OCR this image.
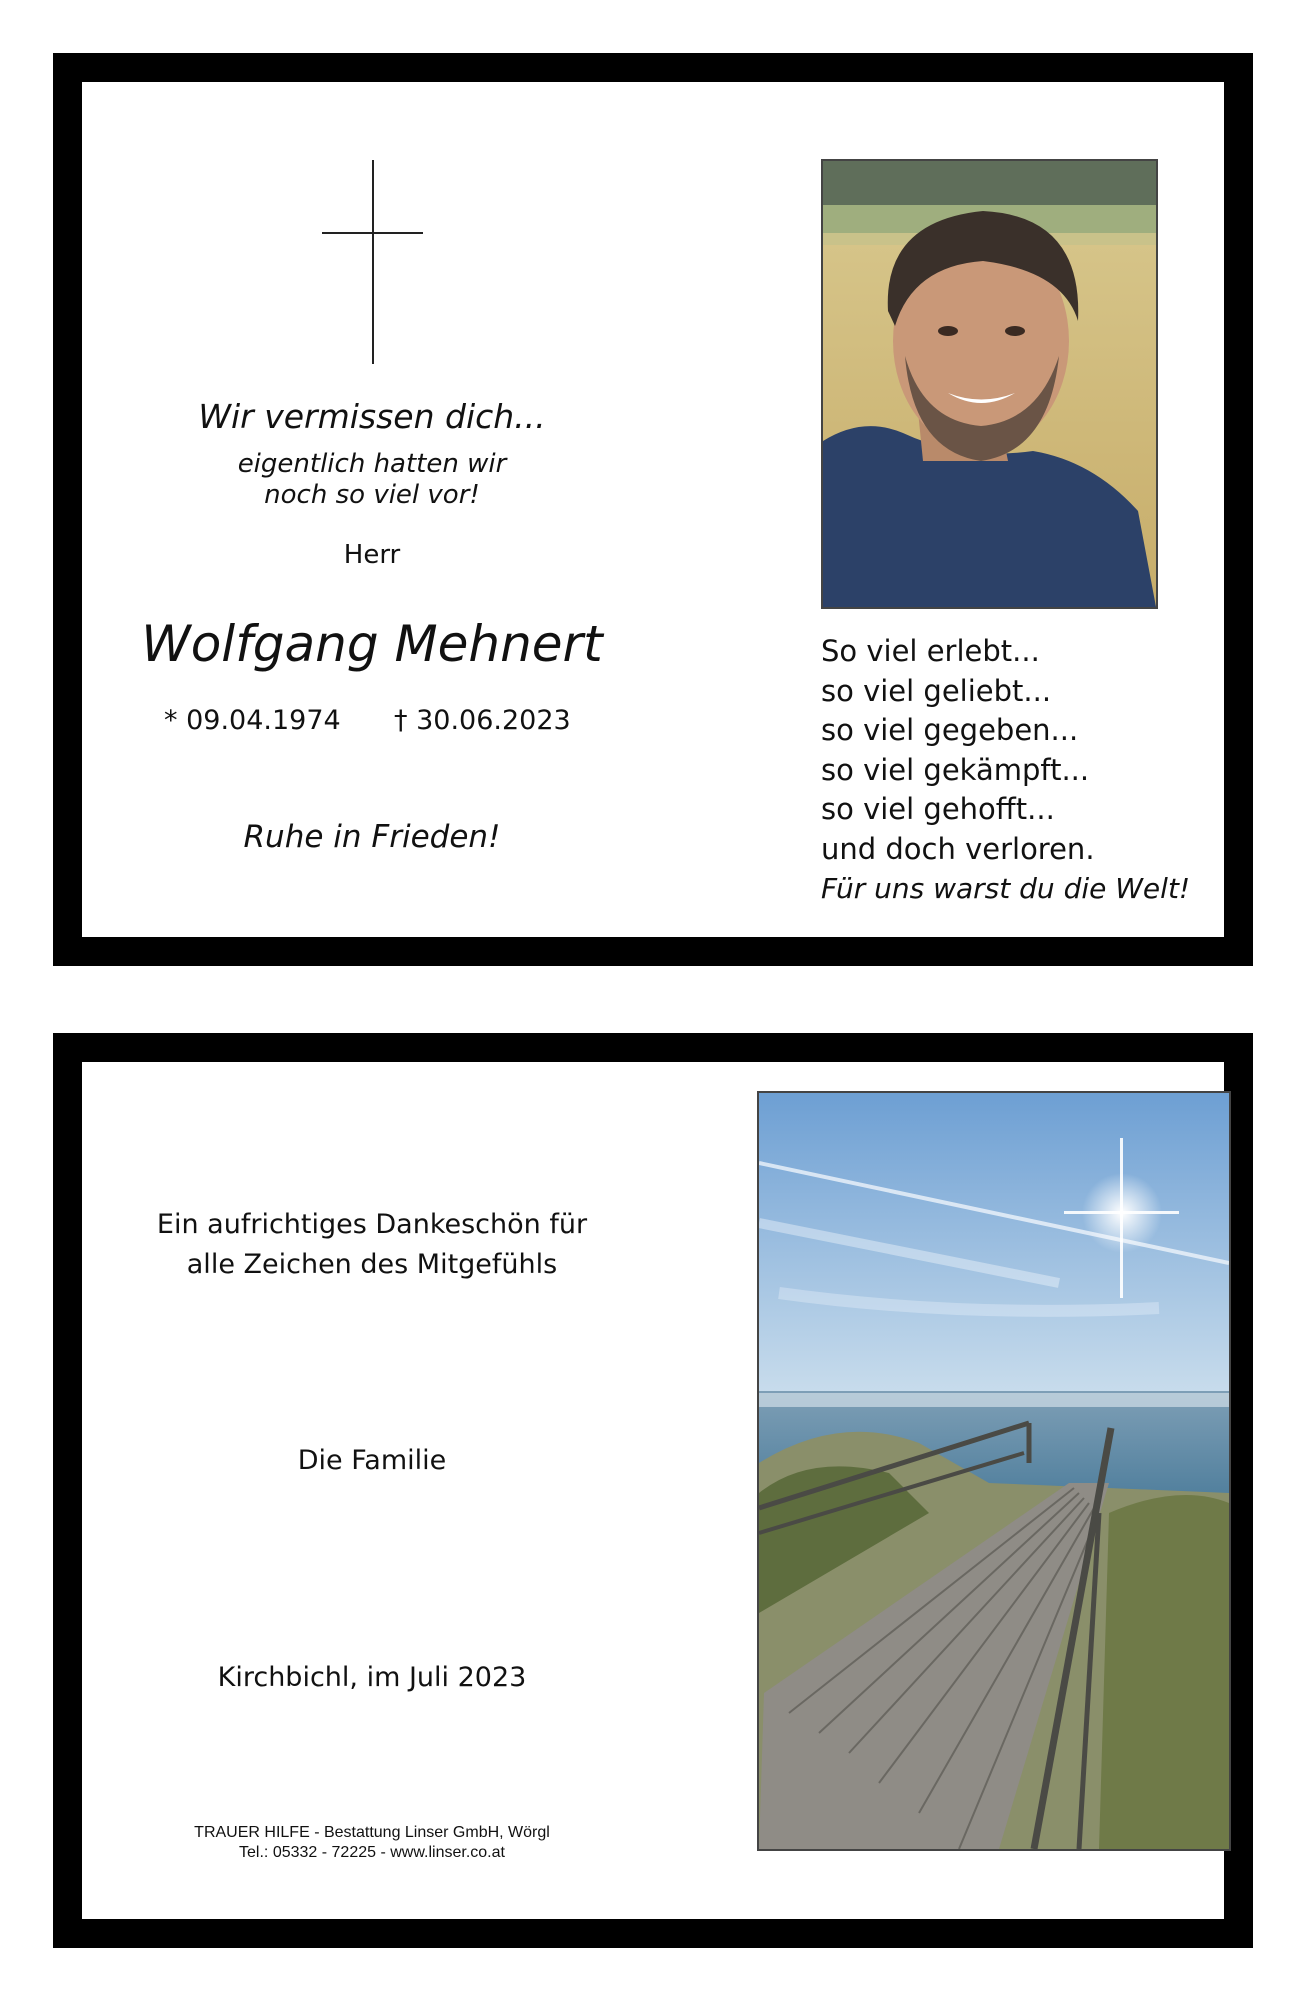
Wir vermissen dich...
eigentlich hatten wir
noch so viel vor!
Herr
Wolfgang Mehnert
* 09.04.1974 † 30.06.2023
Ruhe in Frieden!
So viel erlebt...
so viel geliebt...
so viel gegeben...
so viel gekämpft...
so viel gehofft...
und doch verloren.
Für uns warst du die Welt!
Ein aufrichtiges Dankeschön für
alle Zeichen des Mitgefühls
Die Familie
Kirchbichl, im Juli 2023
TRAUER HILFE - Bestattung Linser GmbH, Wörgl
Tel.: 05332 - 72225 - www.linser.co.at
